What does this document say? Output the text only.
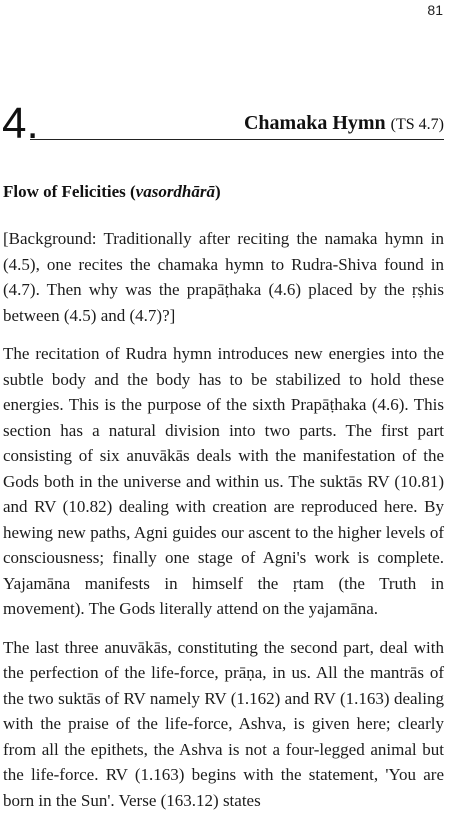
81
4.	Chamaka Hymn (TS 4.7)
Flow of Felicities (vasordhārā)

[Background: Traditionally after reciting the namaka hymn in (4.5), one recites the chamaka hymn to Rudra-Shiva found in (4.7). Then why was the prapāṭhaka (4.6) placed by the ṛṣhis between (4.5) and (4.7)?]

The recitation of Rudra hymn introduces new energies into the subtle body and the body has to be stabilized to hold these energies. This is the purpose of the sixth Prapāṭhaka (4.6). This section has a natural division into two parts. The first part consisting of six anuvākās deals with the manifestation of the Gods both in the universe and within us. The suktās RV (10.81) and RV (10.82) dealing with creation are reproduced here. By hewing new paths, Agni guides our ascent to the higher levels of consciousness; finally one stage of Agni's work is complete. Yajamāna manifests in himself the ṛtam (the Truth in movement). The Gods literally attend on the yajamāna.

The last three anuvākās, constituting the second part, deal with the perfection of the life-force, prāṇa, in us. All the mantrās of the two suktās of RV namely RV (1.162) and RV (1.163) dealing with the praise of the life-force, Ashva, is given here; clearly from all the epithets, the Ashva is not a four-legged animal but the life-force. RV (1.163) begins with the statement, 'You are born in the Sun'. Verse (163.12) states
